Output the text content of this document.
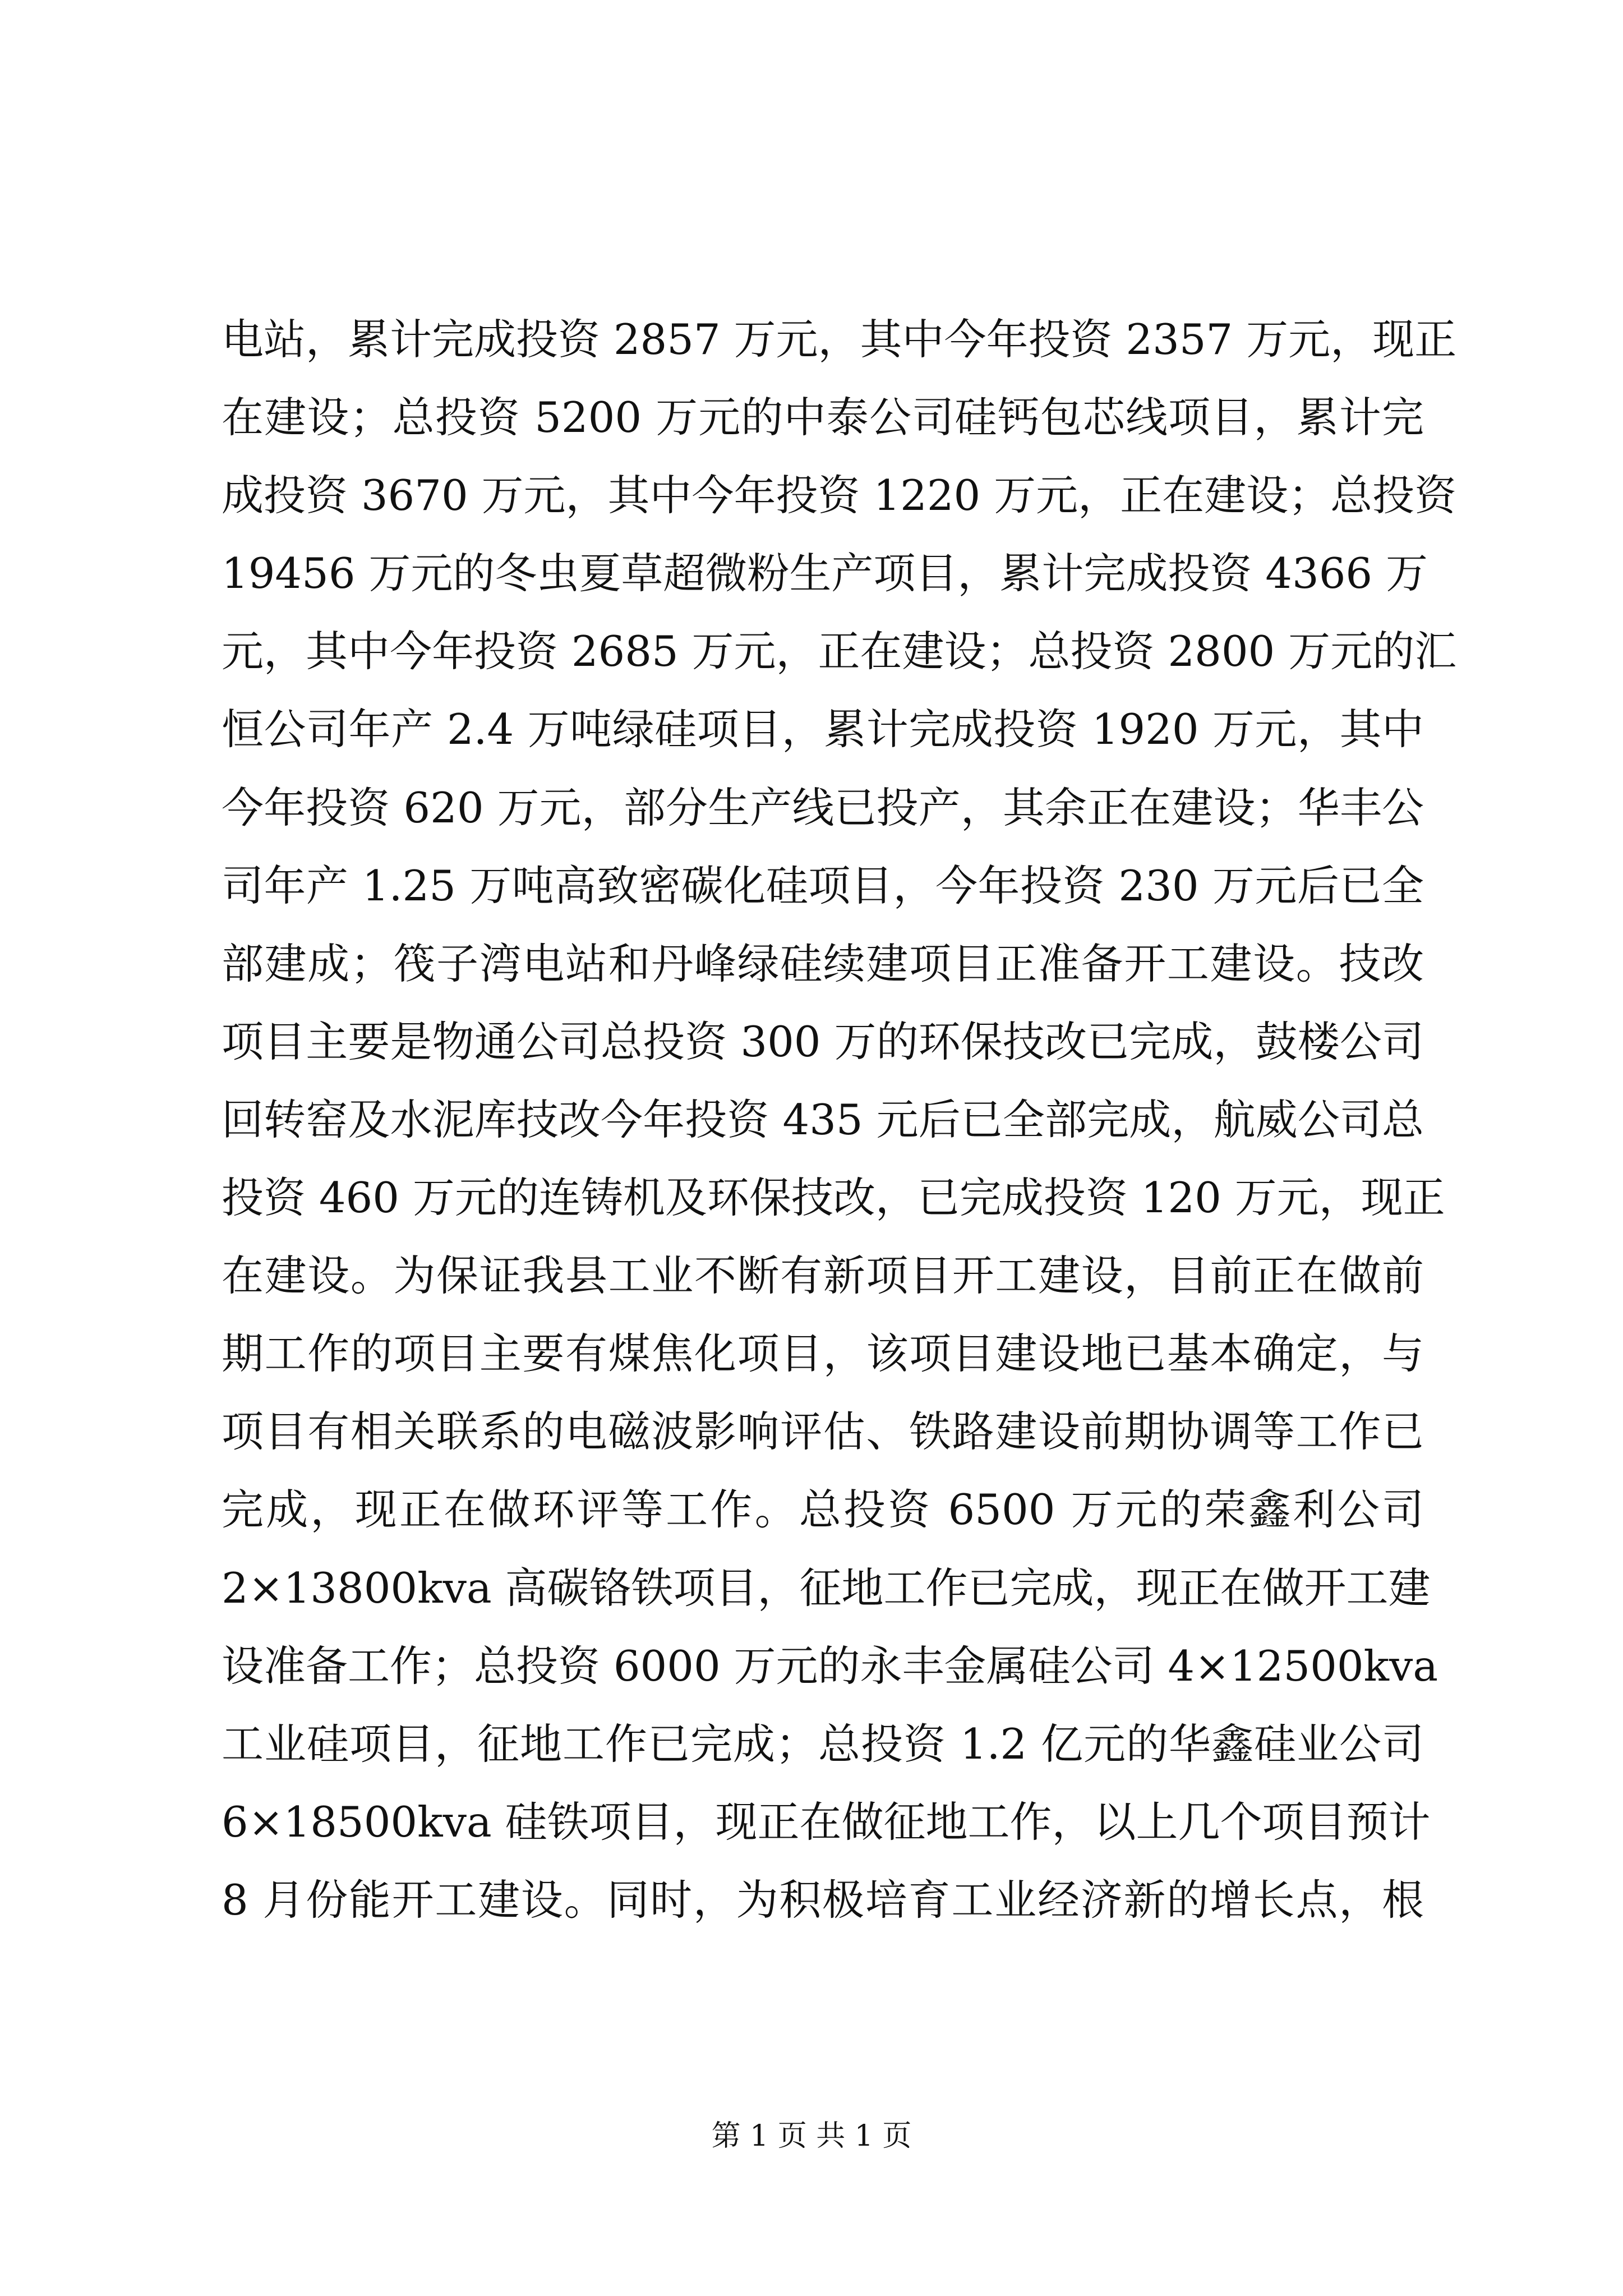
电站，累计完成投资 2857 万元，其中今年投资 2357 万元，现正
在建设；总投资 5200 万元的中泰公司硅钙包芯线项目，累计完
成投资 3670 万元，其中今年投资 1220 万元，正在建设；总投资
19456 万元的冬虫夏草超微粉生产项目，累计完成投资 4366 万
元，其中今年投资 2685 万元，正在建设；总投资 2800 万元的汇
恒公司年产 2.4 万吨绿硅项目，累计完成投资 1920 万元，其中
今年投资 620 万元，部分生产线已投产，其余正在建设；华丰公
司年产 1.25 万吨高致密碳化硅项目，今年投资 230 万元后已全
部建成；筏子湾电站和丹峰绿硅续建项目正准备开工建设。技改
项目主要是物通公司总投资 300 万的环保技改已完成，鼓楼公司
回转窑及水泥库技改今年投资 435 元后已全部完成，航威公司总
投资 460 万元的连铸机及环保技改，已完成投资 120 万元，现正
在建设。为保证我县工业不断有新项目开工建设，目前正在做前
期工作的项目主要有煤焦化项目，该项目建设地已基本确定，与
项目有相关联系的电磁波影响评估、铁路建设前期协调等工作已
完成，现正在做环评等工作。总投资 6500 万元的荣鑫利公司
2×13800kva 高碳铬铁项目，征地工作已完成，现正在做开工建
设准备工作；总投资 6000 万元的永丰金属硅公司 4×12500kva
工业硅项目，征地工作已完成；总投资 1.2 亿元的华鑫硅业公司
6×18500kva 硅铁项目，现正在做征地工作，以上几个项目预计
8 月份能开工建设。同时，为积极培育工业经济新的增长点，根
第 1 页 共 1 页
